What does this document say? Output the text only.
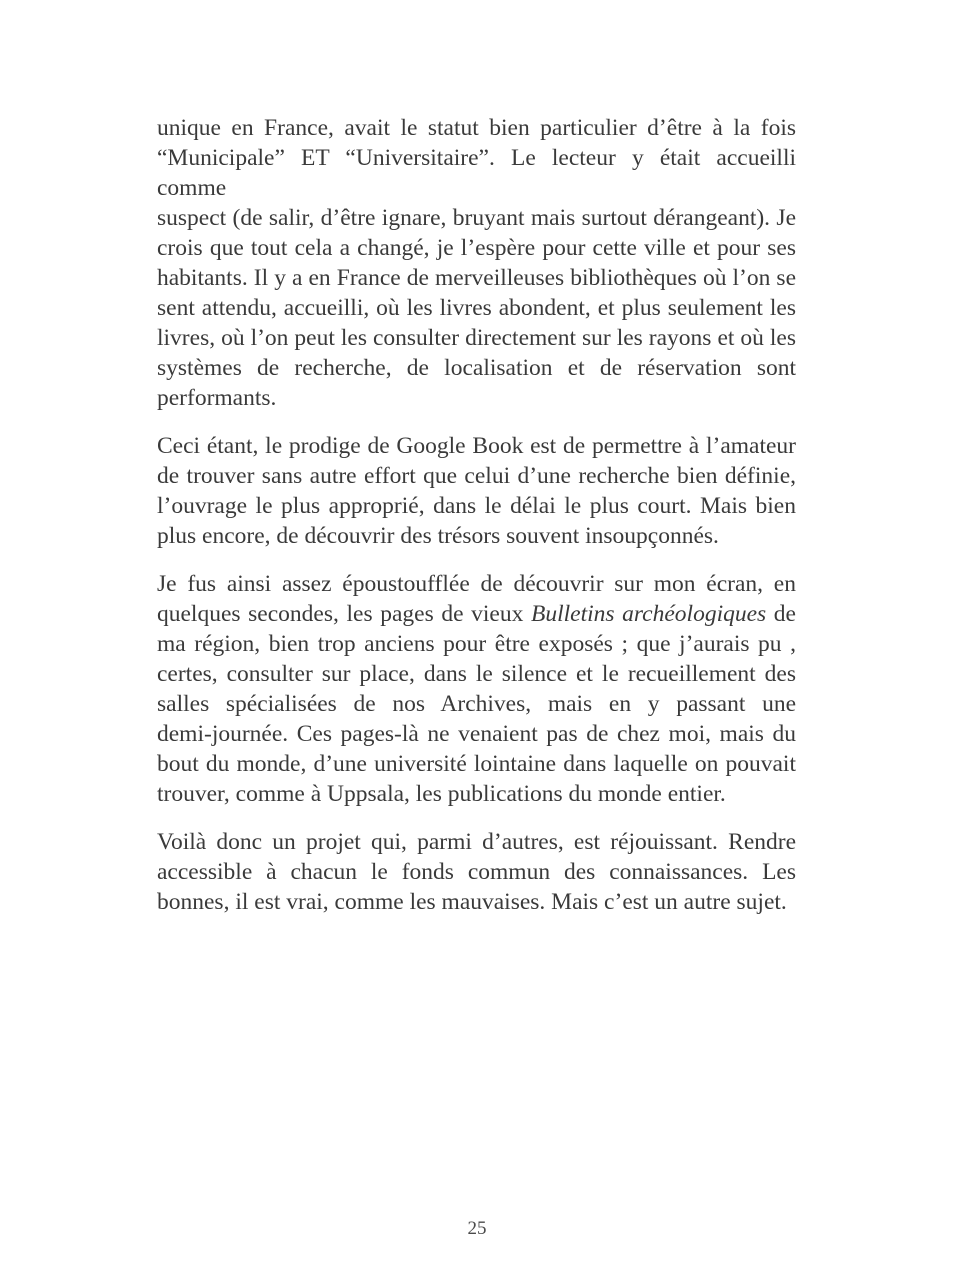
unique en France, avait le statut bien particulier d’être à la fois
“Municipale” ET “Universitaire”. Le lecteur y était accueilli comme
suspect (de salir, d’être ignare, bruyant mais surtout dérangeant). Je
crois que tout cela a changé, je l’espère pour cette ville et pour ses
habitants. Il y a en France de merveilleuses bibliothèques où l’on se
sent attendu, accueilli, où les livres abondent, et plus seulement les
livres, où l’on peut les consulter directement sur les rayons et où les
systèmes de recherche, de localisation et de réservation sont
performants.
Ceci étant, le prodige de Google Book est de permettre à l’amateur
de trouver sans autre effort que celui d’une recherche bien définie,
l’ouvrage le plus approprié, dans le délai le plus court. Mais bien
plus encore, de découvrir des trésors souvent insoupçonnés.
Je fus ainsi assez époustoufflée de découvrir sur mon écran, en
quelques secondes, les pages de vieux Bulletins archéologiques de
ma région, bien trop anciens pour être exposés ; que j’aurais pu ,
certes, consulter sur place, dans le silence et le recueillement des
salles spécialisées de nos Archives, mais en y passant une
demi-journée. Ces pages-là ne venaient pas de chez moi, mais du
bout du monde, d’une université lointaine dans laquelle on pouvait
trouver, comme à Uppsala, les publications du monde entier.
Voilà donc un projet qui, parmi d’autres, est réjouissant. Rendre
accessible à chacun le fonds commun des connaissances. Les
bonnes, il est vrai, comme les mauvaises. Mais c’est un autre sujet.
25
